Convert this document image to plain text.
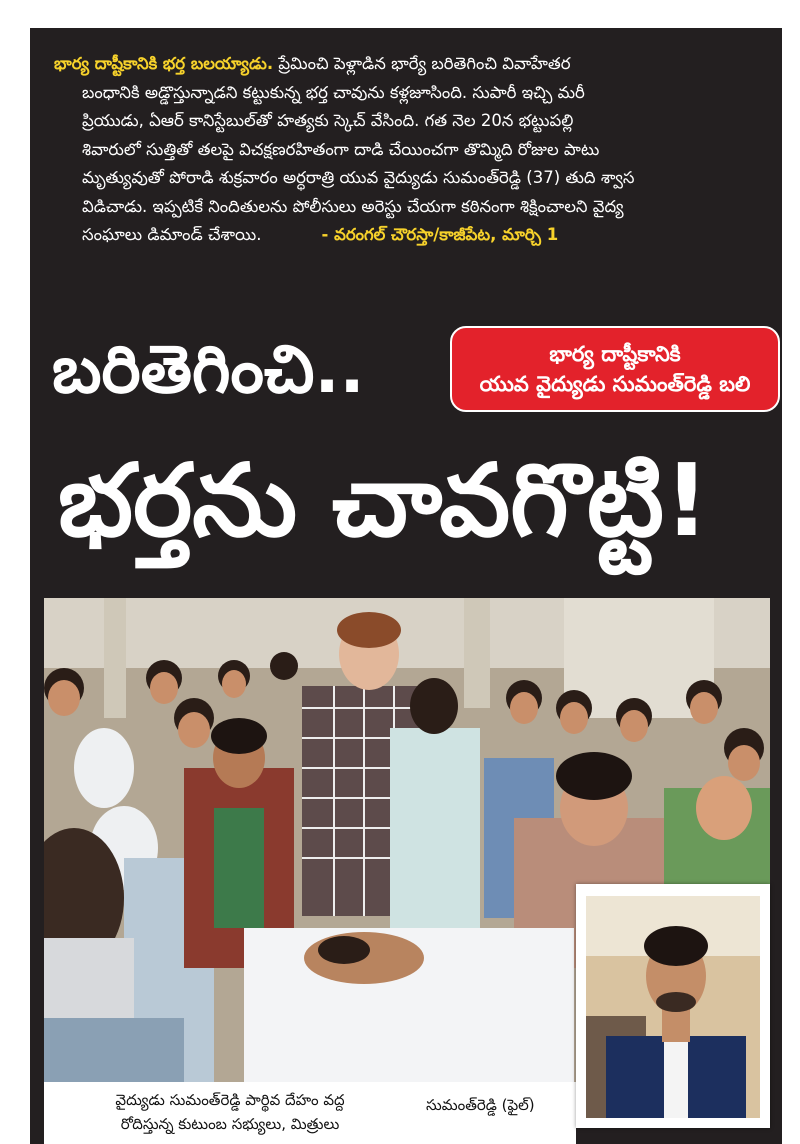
భార్య దాష్టీకానికి భర్త బలయ్యాడు. ప్రేమించి పెళ్లాడిన భార్యే బరితెగించి వివాహేతర
బంధానికి అడ్డొస్తున్నాడని కట్టుకున్న భర్త చావును కళ్లజూసింది. సుపారీ ఇచ్చి మరీ
ప్రియుడు, ఏఆర్ కానిస్టేబుల్‌తో హత్యకు స్కెచ్ వేసింది. గత నెల 20న భట్టుపల్లి
శివారులో సుత్తితో తలపై విచక్షణరహితంగా దాడి చేయించగా తొమ్మిది రోజుల పాటు
మృత్యువుతో పోరాడి శుక్రవారం అర్ధరాత్రి యువ వైద్యుడు సుమంత్‌రెడ్డి (37) తుది శ్వాస
విడిచాడు. ఇప్పటికే నిందితులను పోలీసులు అరెస్టు చేయగా కఠినంగా శిక్షించాలని వైద్య
సంఘాలు డిమాండ్ చేశాయి.	- వరంగల్ చౌరస్తా/కాజీపేట, మార్చి 1

బరితెగించి..	భార్య దాష్టీకానికి
యువ వైద్యుడు సుమంత్‌రెడ్డి బలి
భర్తను చావగొట్టి!
వైద్యుడు సుమంత్‌రెడ్డి పార్థివ దేహం వద్ద
రోదిస్తున్న కుటుంబ సభ్యులు, మిత్రులు
సుమంత్‌రెడ్డి (ఫైల్)
